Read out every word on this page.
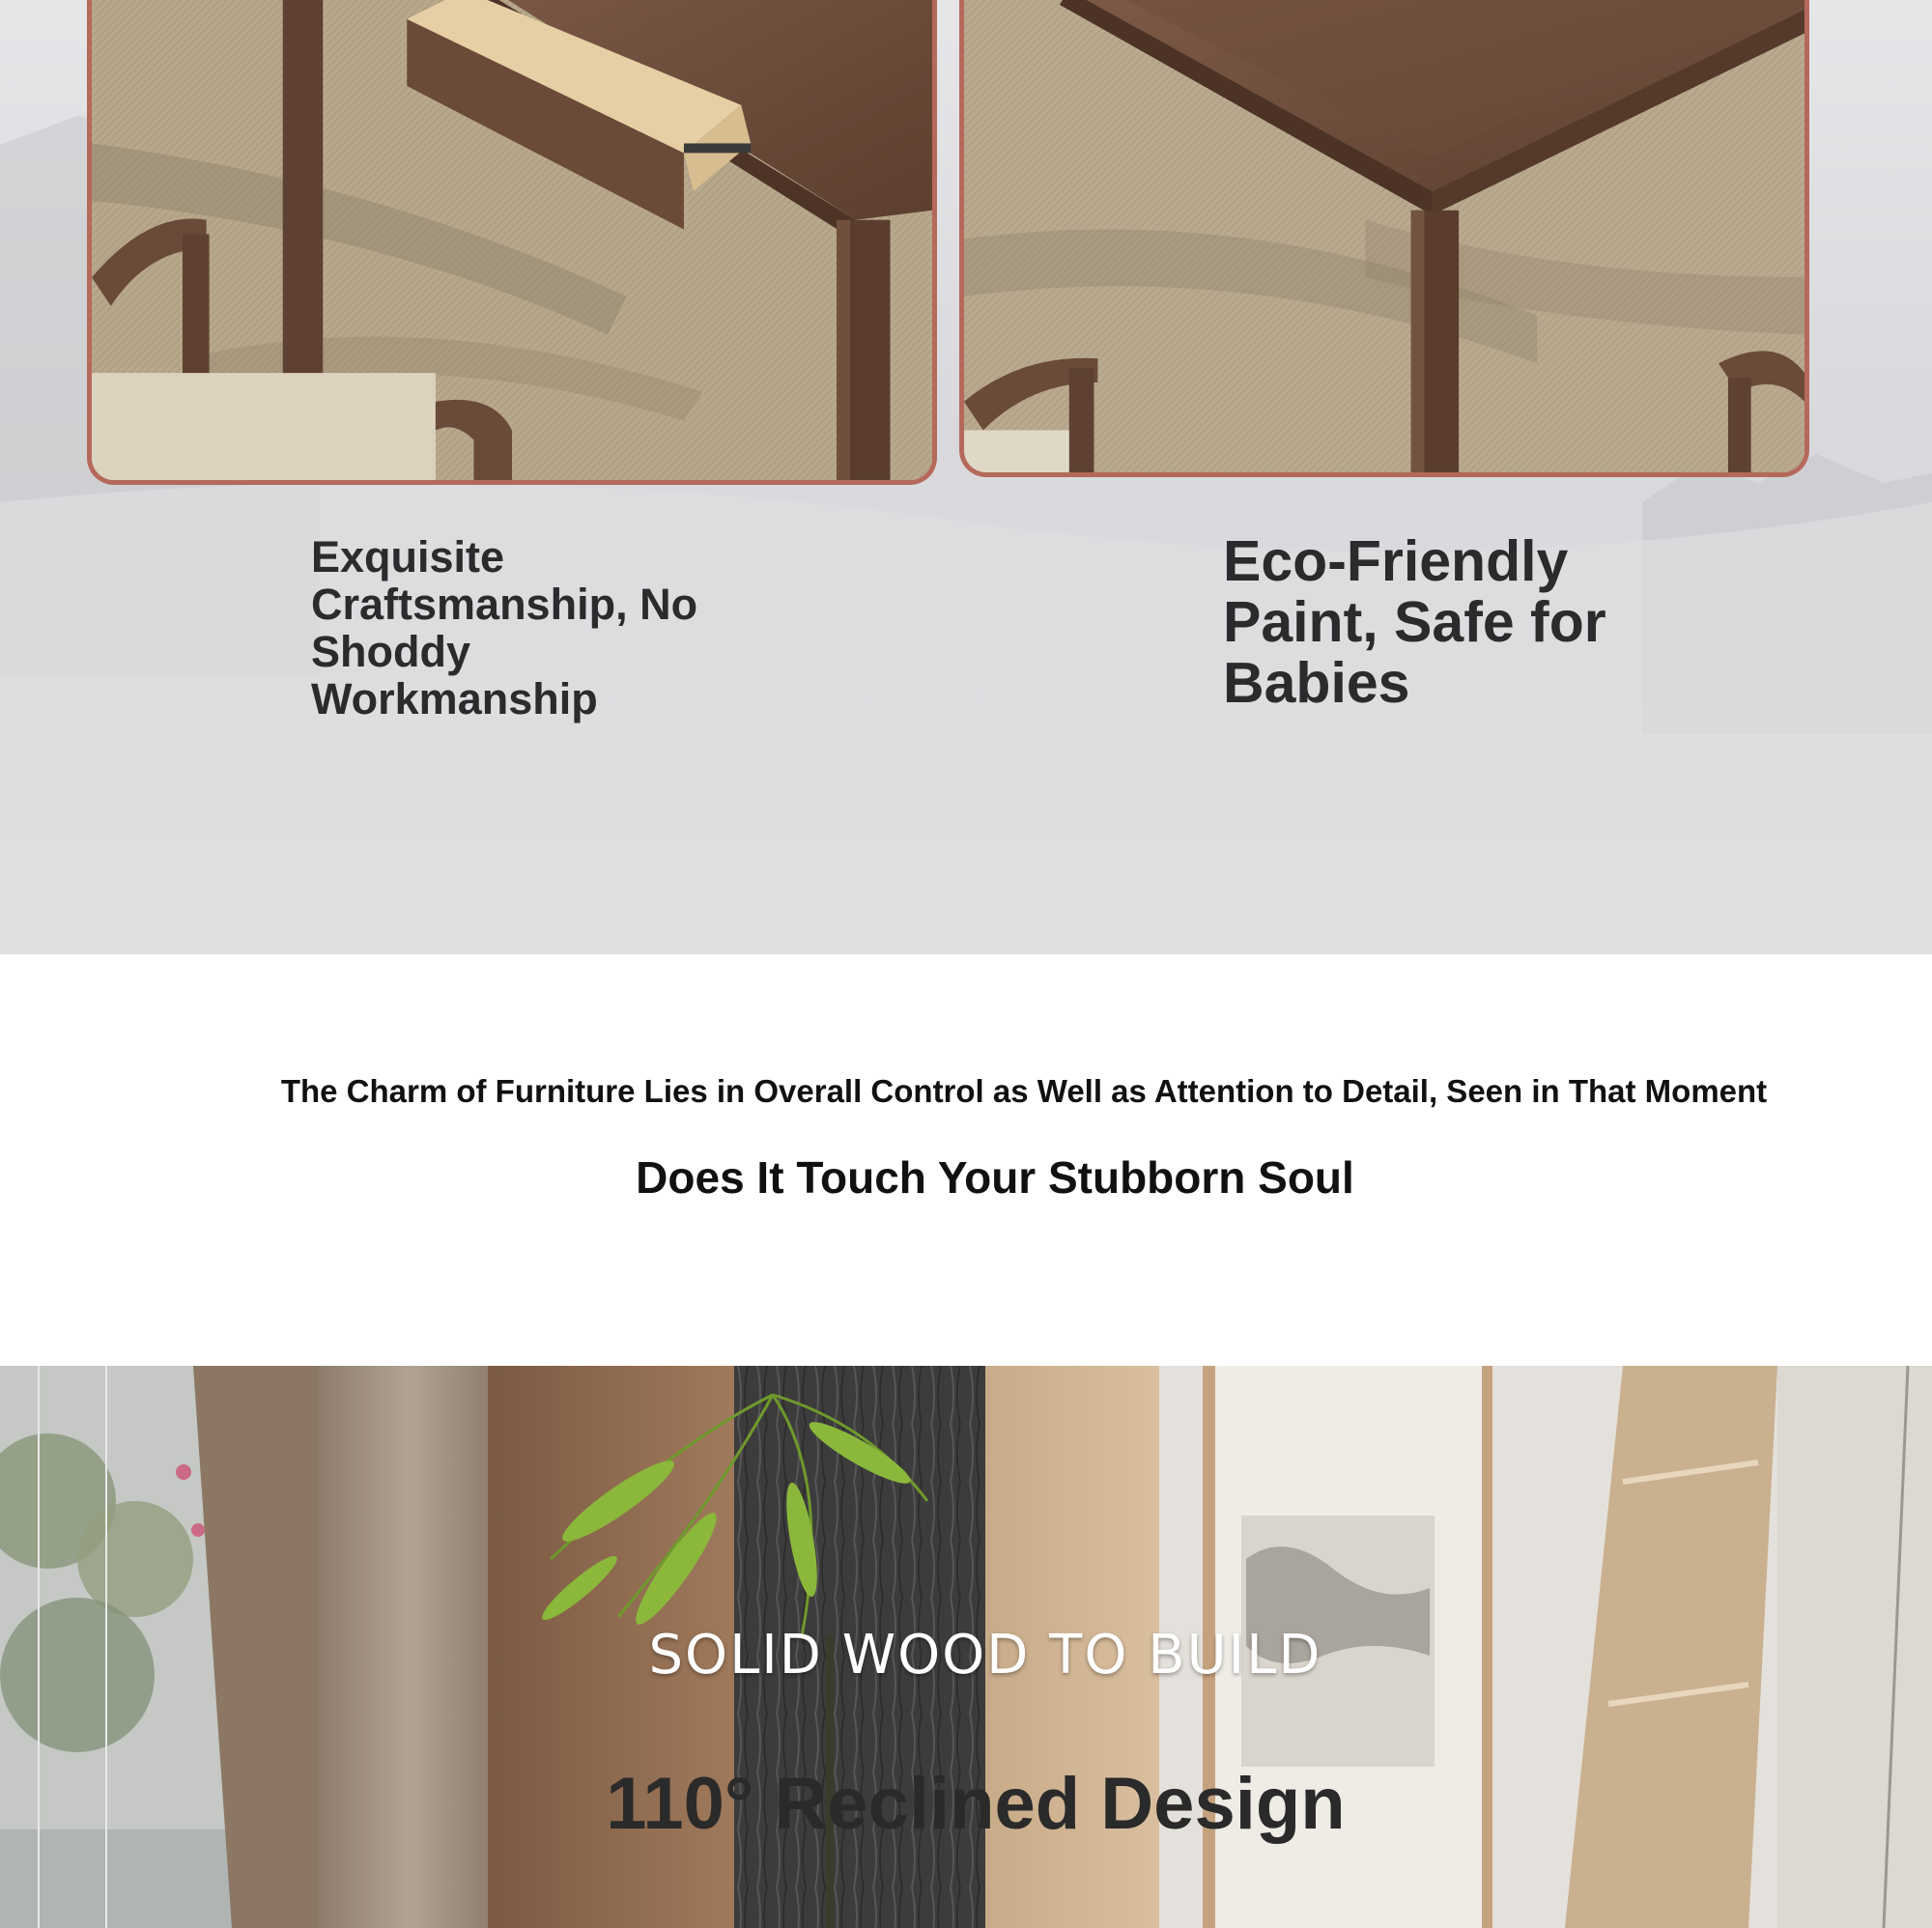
Exquisite Craftsmanship, No Shoddy Workmanship

Eco-Friendly Paint, Safe for Babies

The Charm of Furniture Lies in Overall Control as Well as Attention to Detail, Seen in That Moment

Does It Touch Your Stubborn Soul

SOLID WOOD TO BUILD

110° Reclined Design
